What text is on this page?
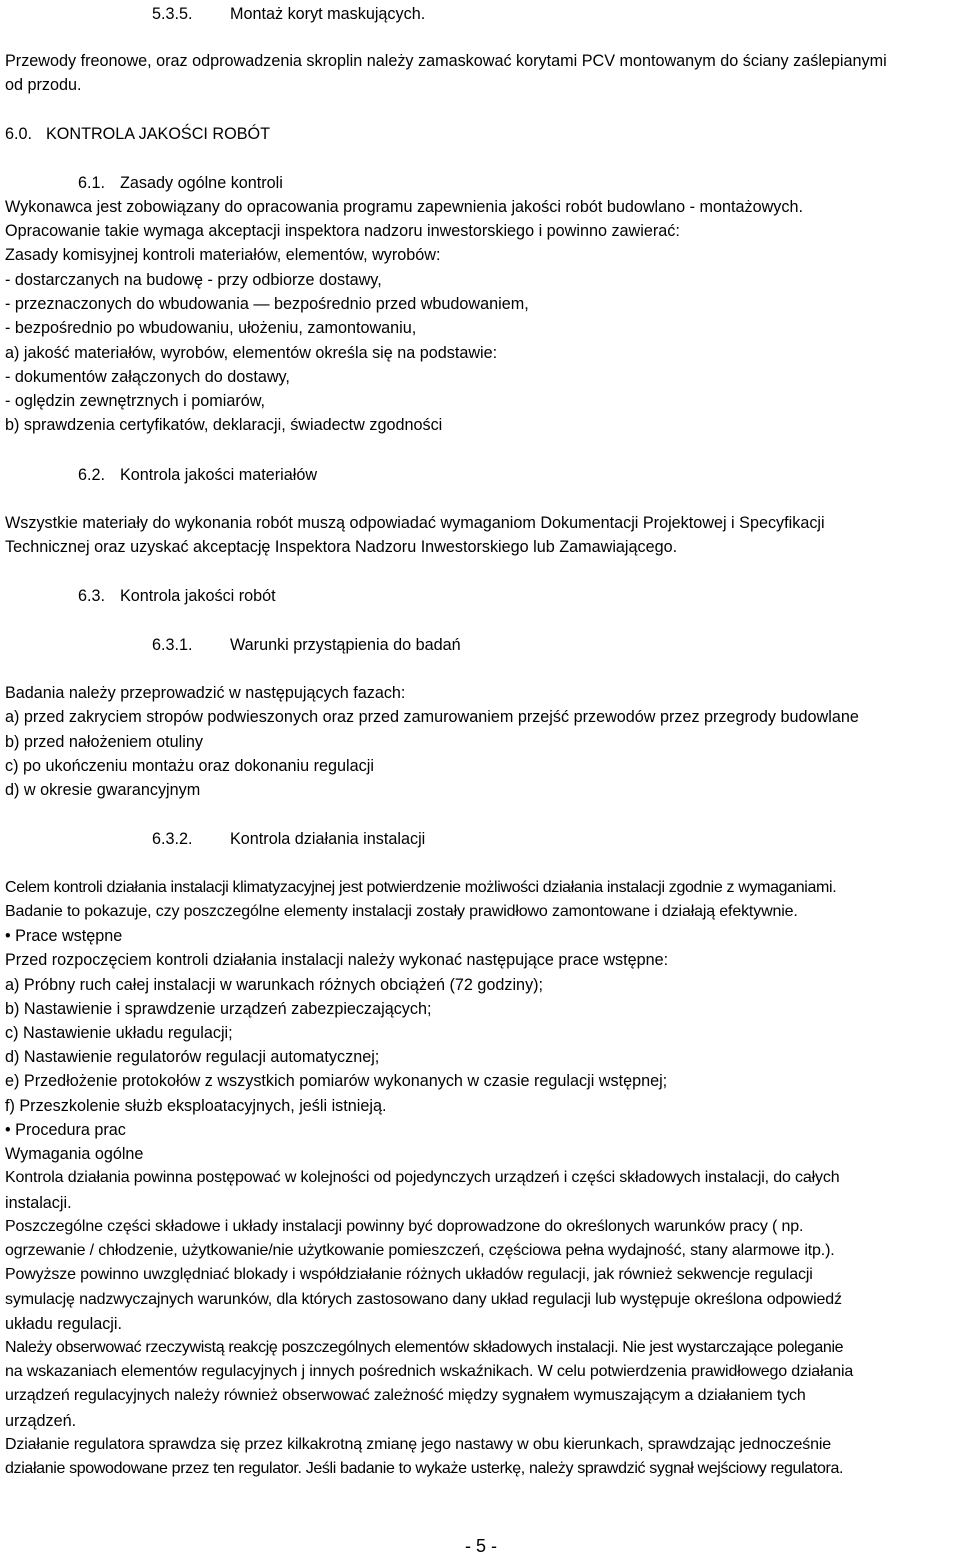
5.3.5. Montaż koryt maskujących.
Przewody freonowe, oraz odprowadzenia skroplin należy zamaskować korytami PCV montowanym do ściany zaślepianymi
od przodu.
6.0. KONTROLA JAKOŚCI ROBÓT
6.1. Zasady ogólne kontroli
Wykonawca jest zobowiązany do opracowania programu zapewnienia jakości robót budowlano - montażowych.
Opracowanie takie wymaga akceptacji inspektora nadzoru inwestorskiego i powinno zawierać:
Zasady komisyjnej kontroli materiałów, elementów, wyrobów:
- dostarczanych na budowę - przy odbiorze dostawy,
- przeznaczonych do wbudowania — bezpośrednio przed wbudowaniem,
- bezpośrednio po wbudowaniu, ułożeniu, zamontowaniu,
a) jakość materiałów, wyrobów, elementów określa się na podstawie:
- dokumentów załączonych do dostawy,
- oględzin zewnętrznych i pomiarów,
b) sprawdzenia certyfikatów, deklaracji, świadectw zgodności
6.2. Kontrola jakości materiałów
Wszystkie materiały do wykonania robót muszą odpowiadać wymaganiom Dokumentacji Projektowej i Specyfikacji
Technicznej oraz uzyskać akceptację Inspektora Nadzoru Inwestorskiego lub Zamawiającego.
6.3. Kontrola jakości robót
6.3.1. Warunki przystąpienia do badań
Badania należy przeprowadzić w następujących fazach:
a) przed zakryciem stropów podwieszonych oraz przed zamurowaniem przejść przewodów przez przegrody budowlane
b) przed nałożeniem otuliny
c) po ukończeniu montażu oraz dokonaniu regulacji
d) w okresie gwarancyjnym
6.3.2. Kontrola działania instalacji
Celem kontroli działania instalacji klimatyzacyjnej jest potwierdzenie możliwości działania instalacji zgodnie z wymaganiami.
Badanie to pokazuje, czy poszczególne elementy instalacji zostały prawidłowo zamontowane i działają efektywnie.
• Prace wstępne
Przed rozpoczęciem kontroli działania instalacji należy wykonać następujące prace wstępne:
a) Próbny ruch całej instalacji w warunkach różnych obciążeń (72 godziny);
b) Nastawienie i sprawdzenie urządzeń zabezpieczających;
c) Nastawienie układu regulacji;
d) Nastawienie regulatorów regulacji automatycznej;
e) Przedłożenie protokołów z wszystkich pomiarów wykonanych w czasie regulacji wstępnej;
f) Przeszkolenie służb eksploatacyjnych, jeśli istnieją.
• Procedura prac
Wymagania ogólne
Kontrola działania powinna postępować w kolejności od pojedynczych urządzeń i części składowych instalacji, do całych
instalacji.
Poszczególne części składowe i układy instalacji powinny być doprowadzone do określonych warunków pracy ( np.
ogrzewanie / chłodzenie, użytkowanie/nie użytkowanie pomieszczeń, częściowa pełna wydajność, stany alarmowe itp.).
Powyższe powinno uwzględniać blokady i współdziałanie różnych układów regulacji, jak również sekwencje regulacji
symulację nadzwyczajnych warunków, dla których zastosowano dany układ regulacji lub występuje określona odpowiedź
układu regulacji.
Należy obserwować rzeczywistą reakcję poszczególnych elementów składowych instalacji. Nie jest wystarczające poleganie
na wskazaniach elementów regulacyjnych j innych pośrednich wskaźnikach. W celu potwierdzenia prawidłowego działania
urządzeń regulacyjnych należy również obserwować zależność między sygnałem wymuszającym a działaniem tych
urządzeń.
Działanie regulatora sprawdza się przez kilkakrotną zmianę jego nastawy w obu kierunkach, sprawdzając jednocześnie
działanie spowodowane przez ten regulator. Jeśli badanie to wykaże usterkę, należy sprawdzić sygnał wejściowy regulatora.
- 5 -
